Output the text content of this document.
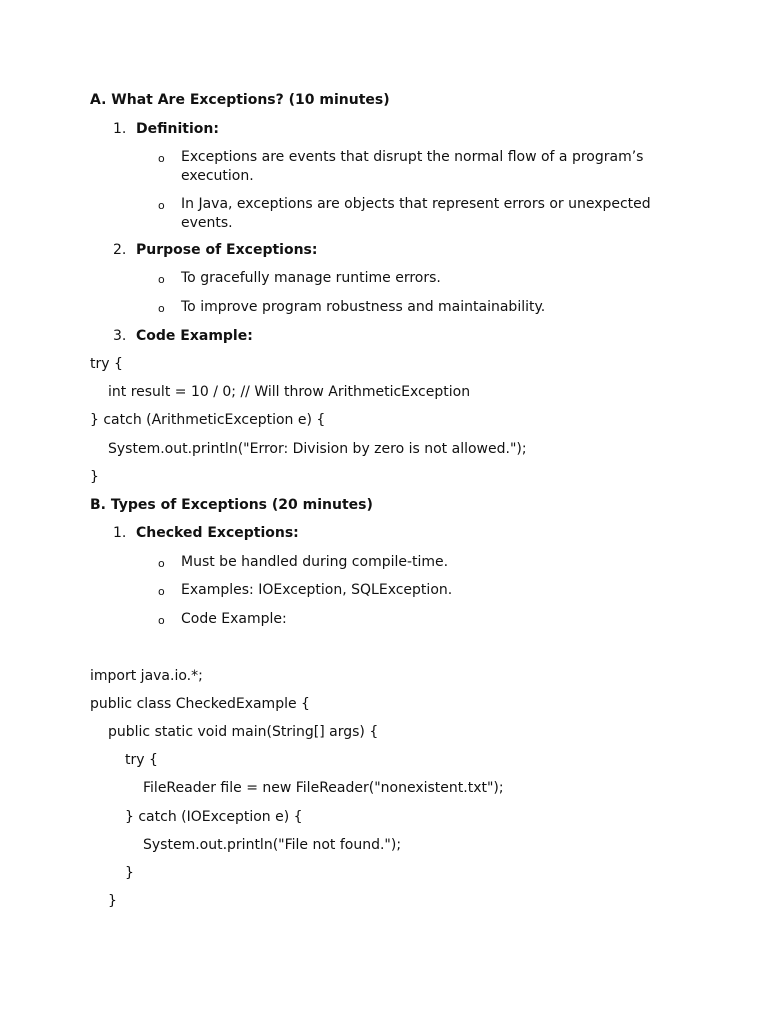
A. What Are Exceptions? (10 minutes)
1. Definition:
o Exceptions are events that disrupt the normal flow of a program’s
execution.
o In Java, exceptions are objects that represent errors or unexpected
events.
2. Purpose of Exceptions:
o To gracefully manage runtime errors.
o To improve program robustness and maintainability.
3. Code Example:
try {
int result = 10 / 0; // Will throw ArithmeticException
} catch (ArithmeticException e) {
System.out.println("Error: Division by zero is not allowed.");
}
B. Types of Exceptions (20 minutes)
1. Checked Exceptions:
o Must be handled during compile-time.
o Examples: IOException, SQLException.
o Code Example:
import java.io.*;
public class CheckedExample {
public static void main(String[] args) {
try {
FileReader file = new FileReader("nonexistent.txt");
} catch (IOException e) {
System.out.println("File not found.");
}
}
